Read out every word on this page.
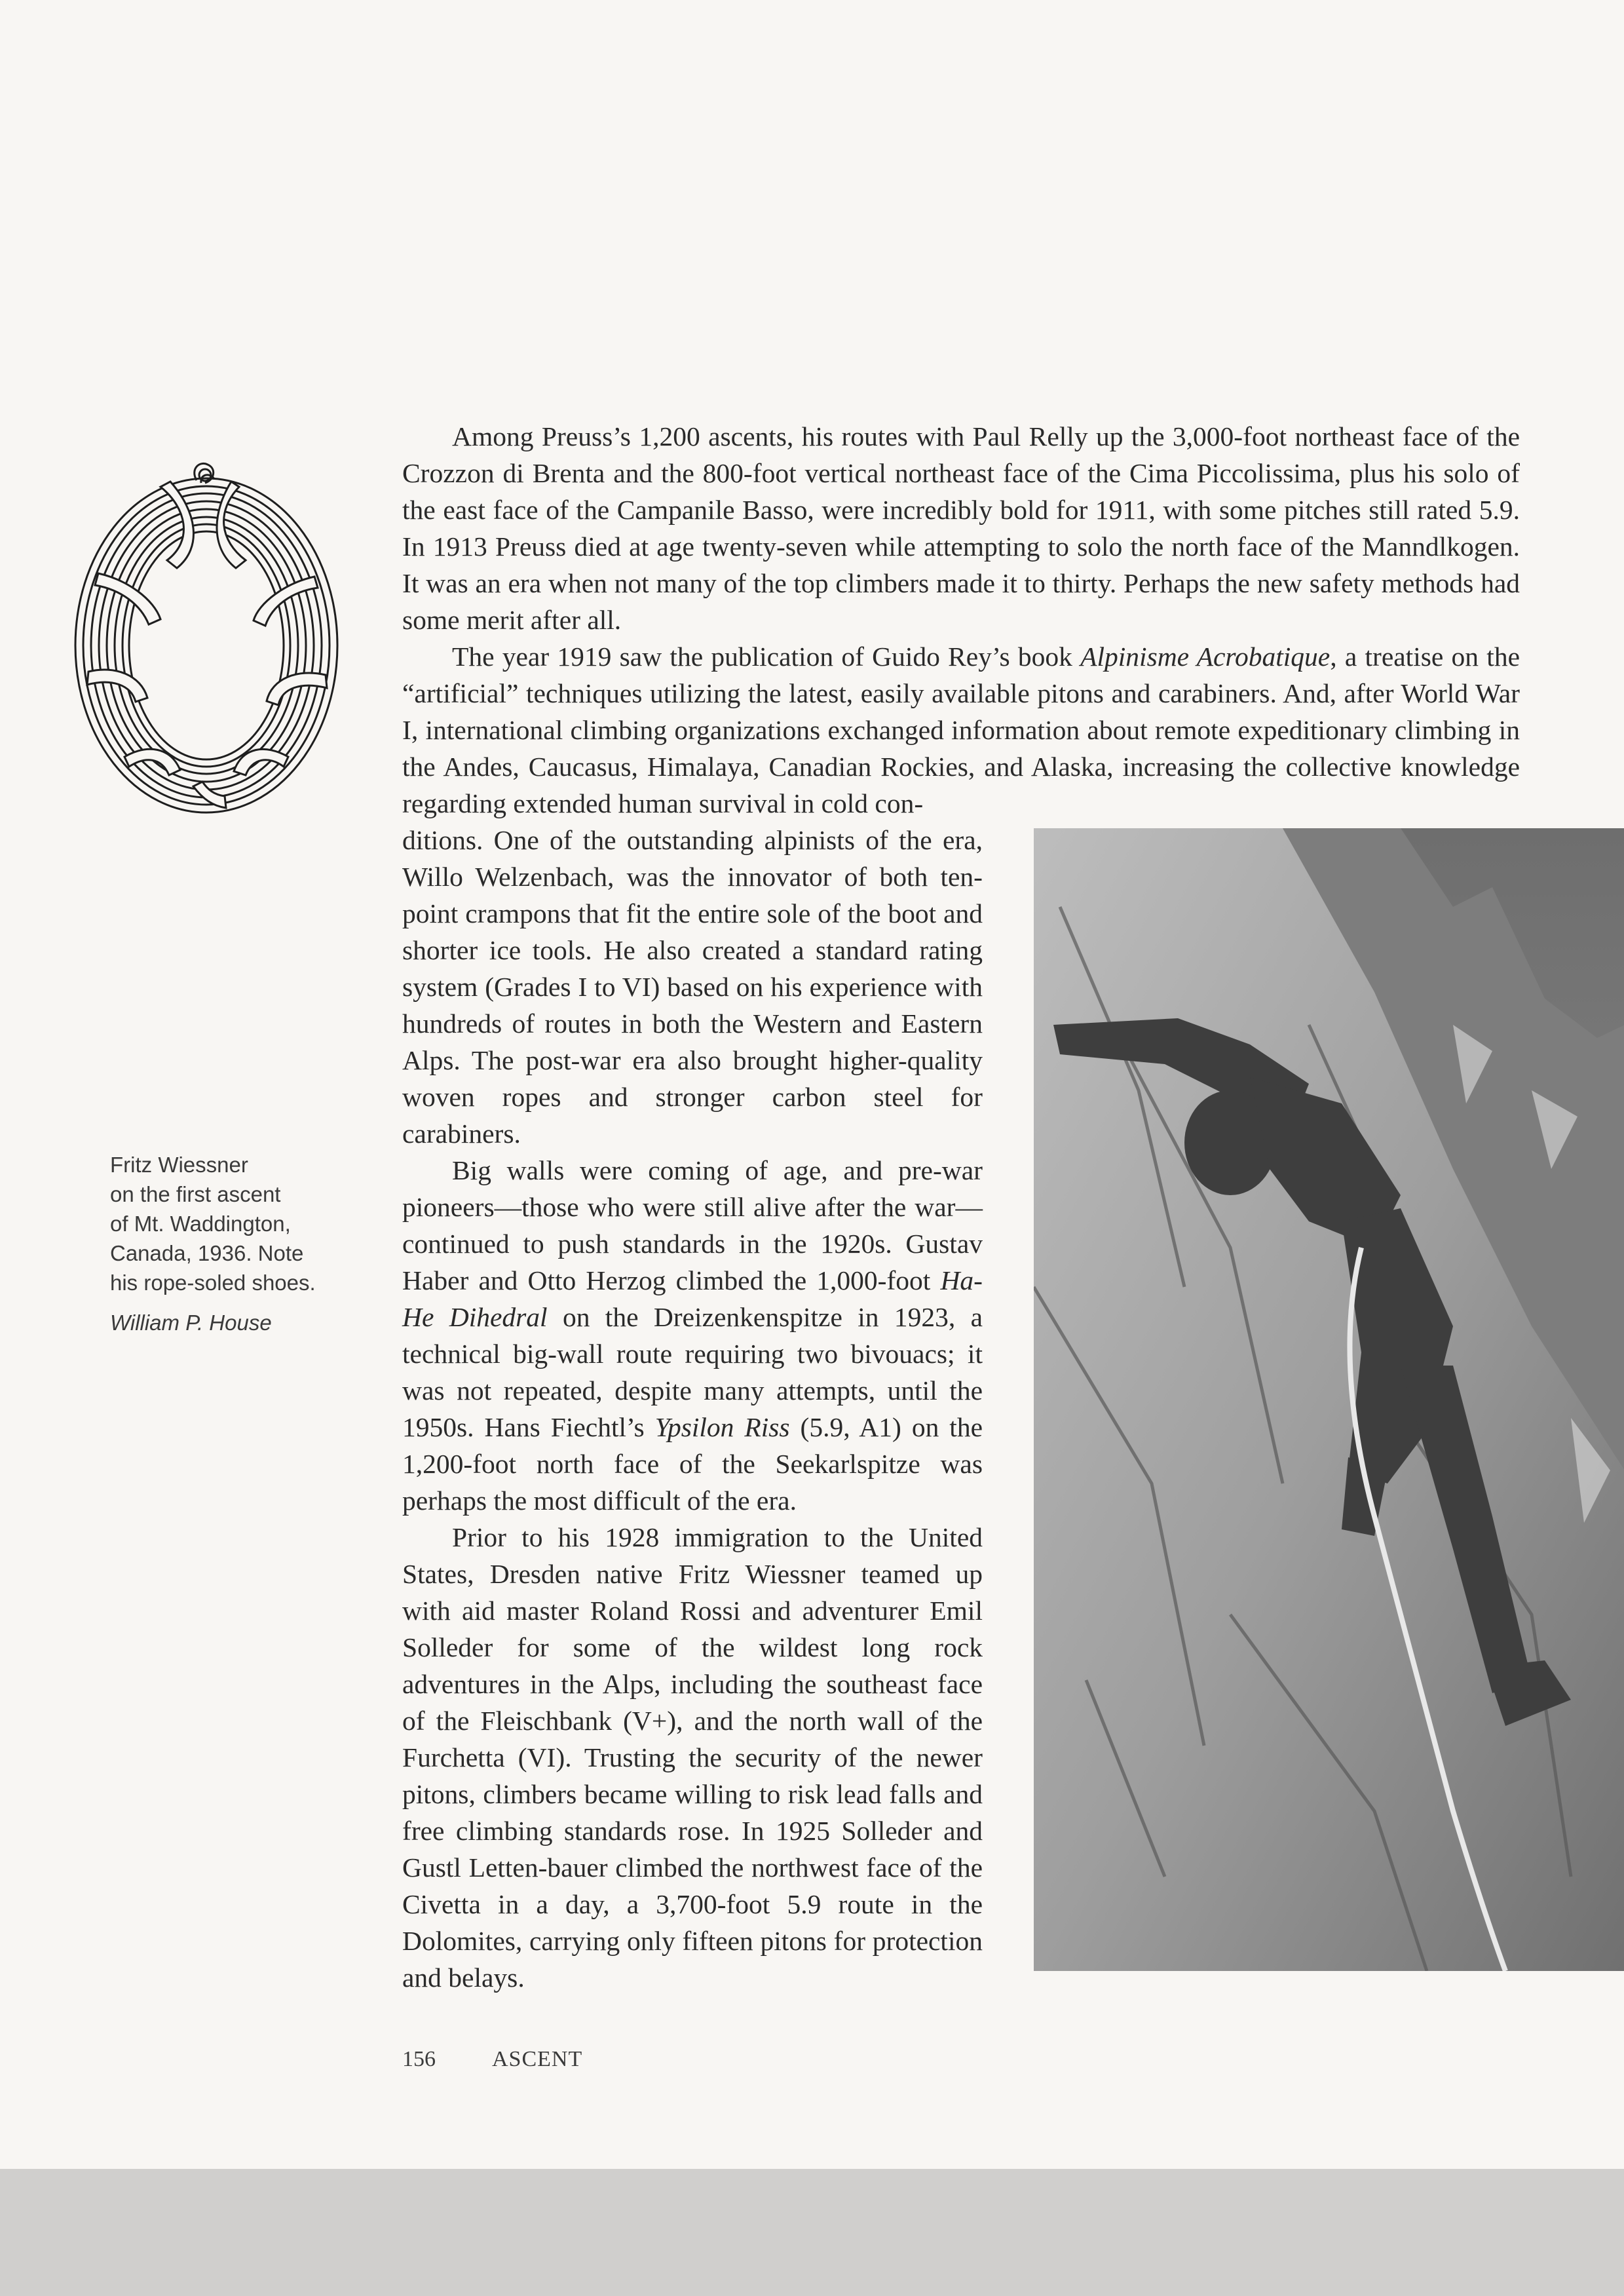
Fritz Wiessner
on the first ascent
of Mt. Waddington,
Canada, 1936. Note
his rope-soled shoes.
William P. House

Among Preuss’s 1,200 ascents, his routes with Paul Relly up the 3,000-foot northeast face of the Crozzon di Brenta and the 800-foot vertical northeast face of the Cima Piccolissima, plus his solo of the east face of the Campanile Basso, were incredibly bold for 1911, with some pitches still rated 5.9. In 1913 Preuss died at age twenty-seven while attempting to solo the north face of the Manndlkogen. It was an era when not many of the top climbers made it to thirty. Perhaps the new safety methods had some merit after all.

The year 1919 saw the publication of Guido Rey’s book Alpinisme Acrobatique, a treatise on the “artificial” techniques utilizing the latest, easily available pitons and carabiners. And, after World War I, international climbing organizations exchanged information about remote expeditionary climbing in the Andes, Caucasus, Himalaya, Canadian Rockies, and Alaska, increasing the collective knowledge regarding extended human survival in cold con-

ditions. One of the outstanding alpinists of the era, Willo Welzenbach, was the innovator of both ten-point crampons that fit the entire sole of the boot and shorter ice tools. He also created a standard rating system (Grades I to VI) based on his experience with hundreds of routes in both the Western and Eastern Alps. The post-war era also brought higher-quality woven ropes and stronger carbon steel for carabiners.

Big walls were coming of age, and pre-war pioneers—those who were still alive after the war—continued to push standards in the 1920s. Gustav Haber and Otto Herzog climbed the 1,000-foot Ha-He Dihedral on the Dreizenkenspitze in 1923, a technical big-wall route requiring two bivouacs; it was not repeated, despite many attempts, until the 1950s. Hans Fiechtl’s Ypsilon Riss (5.9, A1) on the 1,200-foot north face of the Seekarlspitze was perhaps the most difficult of the era.

Prior to his 1928 immigration to the United States, Dresden native Fritz Wiessner teamed up with aid master Roland Rossi and adventurer Emil Solleder for some of the wildest long rock adventures in the Alps, including the southeast face of the Fleischbank (V+), and the north wall of the Furchetta (VI). Trusting the security of the newer pitons, climbers became willing to risk lead falls and free climbing standards rose. In 1925 Solleder and Gustl Letten-bauer climbed the northwest face of the Civetta in a day, a 3,700-foot 5.9 route in the Dolomites, carrying only fifteen pitons for protection and belays.

156	ASCENT
